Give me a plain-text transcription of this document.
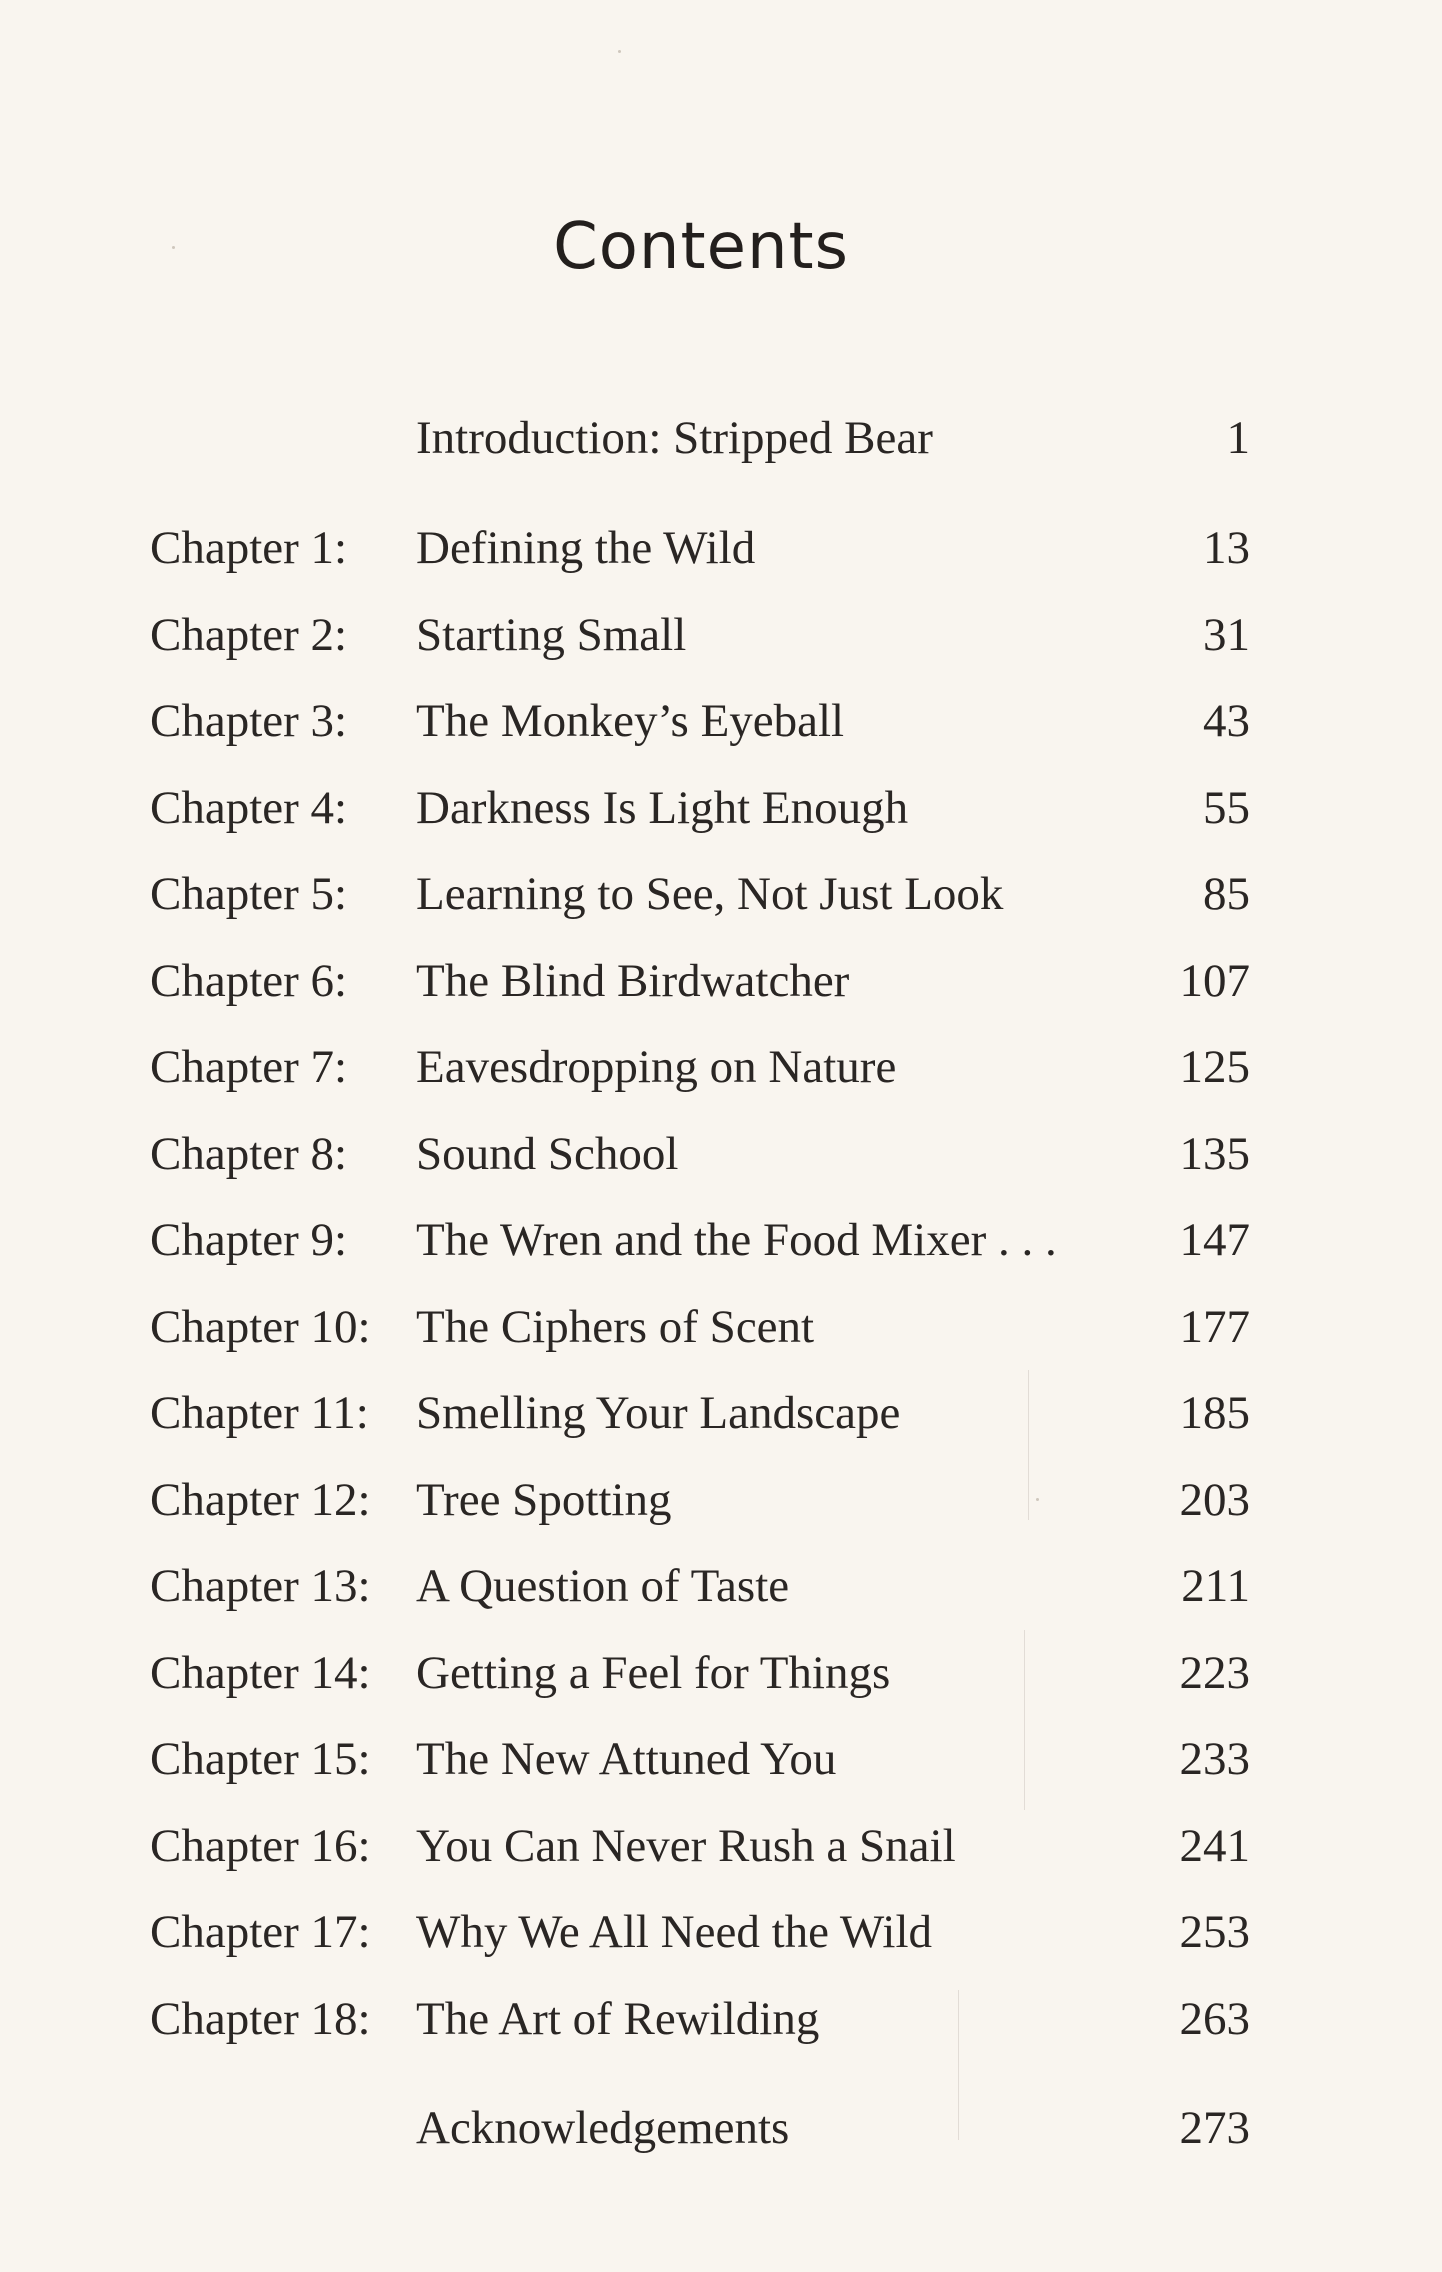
Contents
Introduction: Stripped Bear	1
Chapter 1: Defining the Wild	13
Chapter 2: Starting Small	31
Chapter 3: The Monkey’s Eyeball	43
Chapter 4: Darkness Is Light Enough	55
Chapter 5: Learning to See, Not Just Look	85
Chapter 6: The Blind Birdwatcher	107
Chapter 7: Eavesdropping on Nature	125
Chapter 8: Sound School	135
Chapter 9: The Wren and the Food Mixer . . .	147
Chapter 10: The Ciphers of Scent	177
Chapter 11: Smelling Your Landscape	185
Chapter 12: Tree Spotting	203
Chapter 13: A Question of Taste	211
Chapter 14: Getting a Feel for Things	223
Chapter 15: The New Attuned You	233
Chapter 16: You Can Never Rush a Snail	241
Chapter 17: Why We All Need the Wild	253
Chapter 18: The Art of Rewilding	263
Acknowledgements	273
